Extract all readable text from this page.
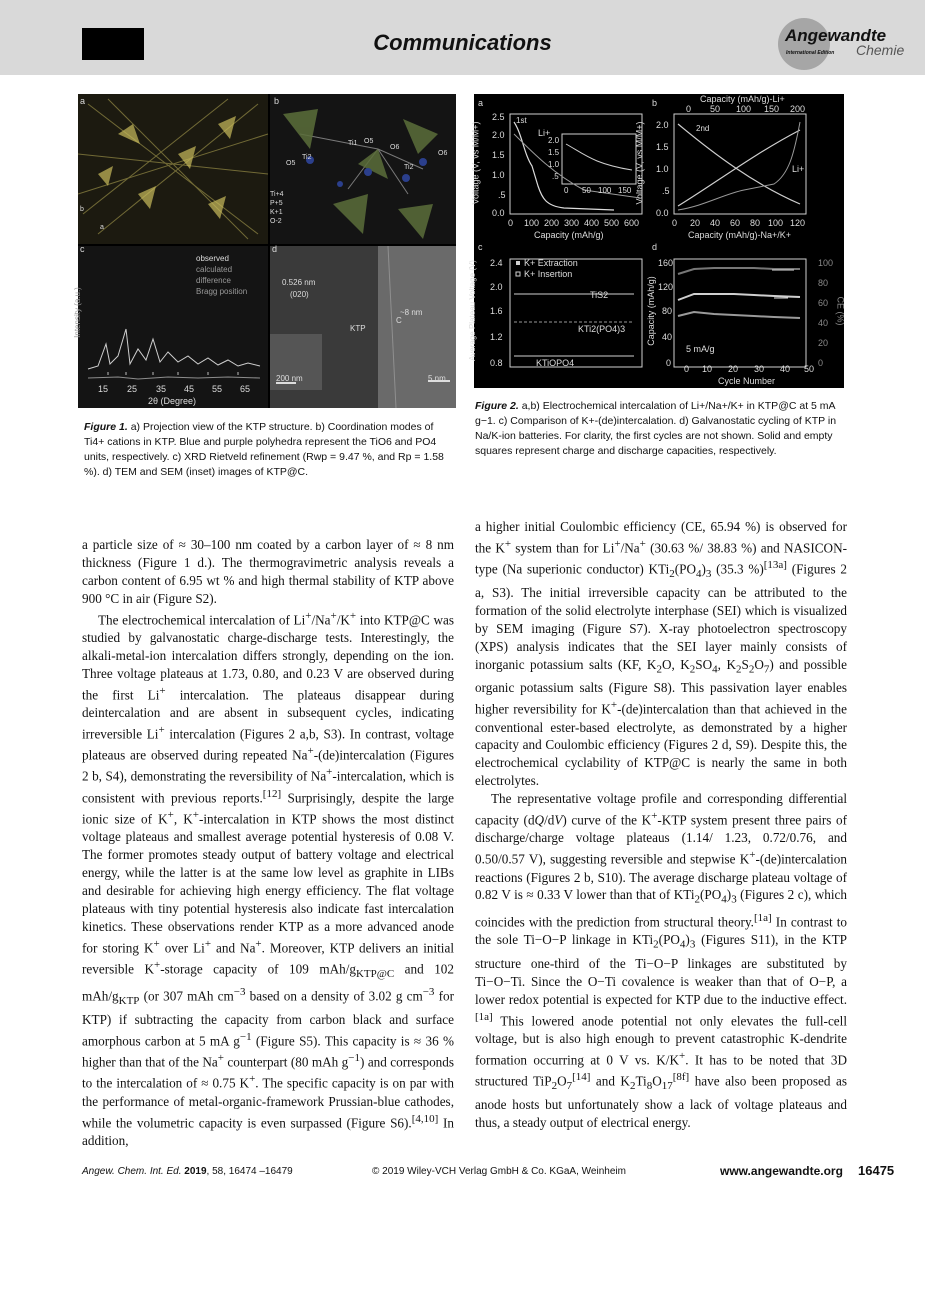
Communications	Angewandte
International Edition Chemie
a	b
c	d
b
a
O5
O6
Ti1
Ti2
O5
O6
Ti2
Ti+4
P+5
K+1
O-2
observed
calculated
difference
Bragg position
Intensity (a.u.)
15 25 35 45 55 65
2θ (Degree)
0.526 nm
(020)
KTP
C
~8 nm
200 nm	5 nm
Figure 1. a) Projection view of the KTP structure. b) Coordination modes of Ti4+ cations in KTP. Blue and purple polyhedra represent the TiO6 and PO4 units, respectively. c) XRD Rietveld refinement (Rwp = 9.47 %, and Rp = 1.58 %). d) TEM and SEM (inset) images of KTP@C.
a	b
c	d
Voltage (V, vs M/M+)
2.5
2.0
1.5
1.0
.5
0.0
0 100 200 300 400 500 600
Capacity (mAh/g)
1st
Li+
2.0
1.5
1.0
.5
0 50 100 150 Voltage (V, vs M/M+)
Capacity (mAh/g)-Li+
0 50 100 150 200
2.0
1.5
1.0
.5
0.0
0 20 40 60 80 100 120
Capacity (mAh/g)-Na+/K+
2nd
Li+
Average Plateau Voltage (V)	K+ Extraction
K+ Insertion
2.4
2.0
1.6
1.2
0.8
TiS2
KTi2(PO4)3
KTiOPO4
Capacity (mAh/g)	CE (%)
160
120
80
40
0
100
80
60
40
20
0
0 10 20 30 40 50
Cycle Number
5 mA/g
Figure 2. a,b) Electrochemical intercalation of Li+/Na+/K+ in KTP@C at 5 mA g−1. c) Comparison of K+-(de)intercalation. d) Galvanostatic cycling of KTP in Na/K-ion batteries. For clarity, the first cycles are not shown. Solid and empty squares represent charge and discharge capacities, respectively.

a particle size of ≈ 30–100 nm coated by a carbon layer of ≈ 8 nm thickness (Figure 1 d.). The thermogravimetric analysis reveals a carbon content of 6.95 wt % and high thermal stability of KTP above 900 °C in air (Figure S2).

The electrochemical intercalation of Li+/Na+/K+ into KTP@C was studied by galvanostatic charge-discharge tests. Interestingly, the alkali-metal-ion intercalation differs strongly, depending on the ion. Three voltage plateaus at 1.73, 0.80, and 0.23 V are observed during the first Li+ intercalation. The plateaus disappear during deintercalation and are absent in subsequent cycles, indicating irreversible Li+ intercalation (Figures 2 a,b, S3). In contrast, voltage plateaus are observed during repeated Na+-(de)intercalation (Figures 2 b, S4), demonstrating the reversibility of Na+-intercalation, which is consistent with previous reports.[12] Surprisingly, despite the large ionic size of K+, K+-intercalation in KTP shows the most distinct voltage plateaus and smallest average potential hysteresis of 0.08 V. The former promotes steady output of battery voltage and electrical energy, while the latter is at the same low level as graphite in LIBs and desirable for achieving high energy efficiency. The flat voltage plateaus with tiny potential hysteresis also indicate fast intercalation kinetics. These observations render KTP as a more advanced anode for storing K+ over Li+ and Na+. Moreover, KTP delivers an initial reversible K+-storage capacity of 109 mAh/$g_{KTP@C}$ and 102 mAh/$g_{KTP}$ (or 307 mAh $cm^{-3}$ based on a density of 3.02 g $cm^{-3}$ for KTP) if subtracting the capacity from carbon black and surface amorphous carbon at 5 mA $g^{-1}$ (Figure S5). This capacity is ≈ 36 % higher than that of the Na+ counterpart (80 mAh $g^{-1}$) and corresponds to the intercalation of ≈ 0.75 K+. The specific capacity is on par with the performance of metal-organic-framework Prussian-blue cathodes, while the volumetric capacity is even surpassed (Figure S6).[4,10] In addition,

a higher initial Coulombic efficiency (CE, 65.94 %) is observed for the K+ system than for Li+/Na+ (30.63 %/ 38.83 %) and NASICON-type (Na superionic conductor) $KTi_2(PO_4)_3$ (35.3 %)[13a] (Figures 2 a, S3). The initial irreversible capacity can be attributed to the formation of the solid electrolyte interphase (SEI) which is visualized by SEM imaging (Figure S7). X-ray photoelectron spectroscopy (XPS) analysis indicates that the SEI layer mainly consists of inorganic potassium salts (KF, $K_2O$, $K_2SO_4$, $K_2S_2O_7$) and possible organic potassium salts (Figure S8). This passivation layer enables higher reversibility for K+-(de)intercalation than that achieved in the conventional ester-based electrolyte, as demonstrated by a higher capacity and Coulombic efficiency (Figures 2 d, S9). Despite this, the electrochemical cyclability of KTP@C is nearly the same in both electrolytes.

The representative voltage profile and corresponding differential capacity (dQ/dV) curve of the K+-KTP system present three pairs of discharge/charge voltage plateaus (1.14/ 1.23, 0.72/0.76, and 0.50/0.57 V), suggesting reversible and stepwise K+-(de)intercalation reactions (Figures 2 b, S10). The average discharge plateau voltage of 0.82 V is ≈ 0.33 V lower than that of $KTi_2(PO_4)_3$ (Figures 2 c), which coincides with the prediction from structural theory.[1a] In contrast to the sole Ti−O−P linkage in $KTi_2(PO_4)_3$ (Figures S11), in the KTP structure one-third of the Ti−O−P linkages are substituted by Ti−O−Ti. Since the O−Ti covalence is weaker than that of O−P, a lower redox potential is expected for KTP due to the inductive effect.[1a] This lowered anode potential not only elevates the full-cell voltage, but is also high enough to prevent catastrophic K-dendrite formation occurring at 0 V vs. K/K+. It has to be noted that 3D structured $TiP_2O_7[14]$ and $K_2Ti_8O_{17}[8f]$ have also been proposed as anode hosts but unfortunately show a lack of voltage plateaus and thus, a steady output of electrical energy.

Angew. Chem. Int. Ed. 2019, 58, 16474 –16479	© 2019 Wiley-VCH Verlag GmbH & Co. KGaA, Weinheim	www.angewandte.org 16475
